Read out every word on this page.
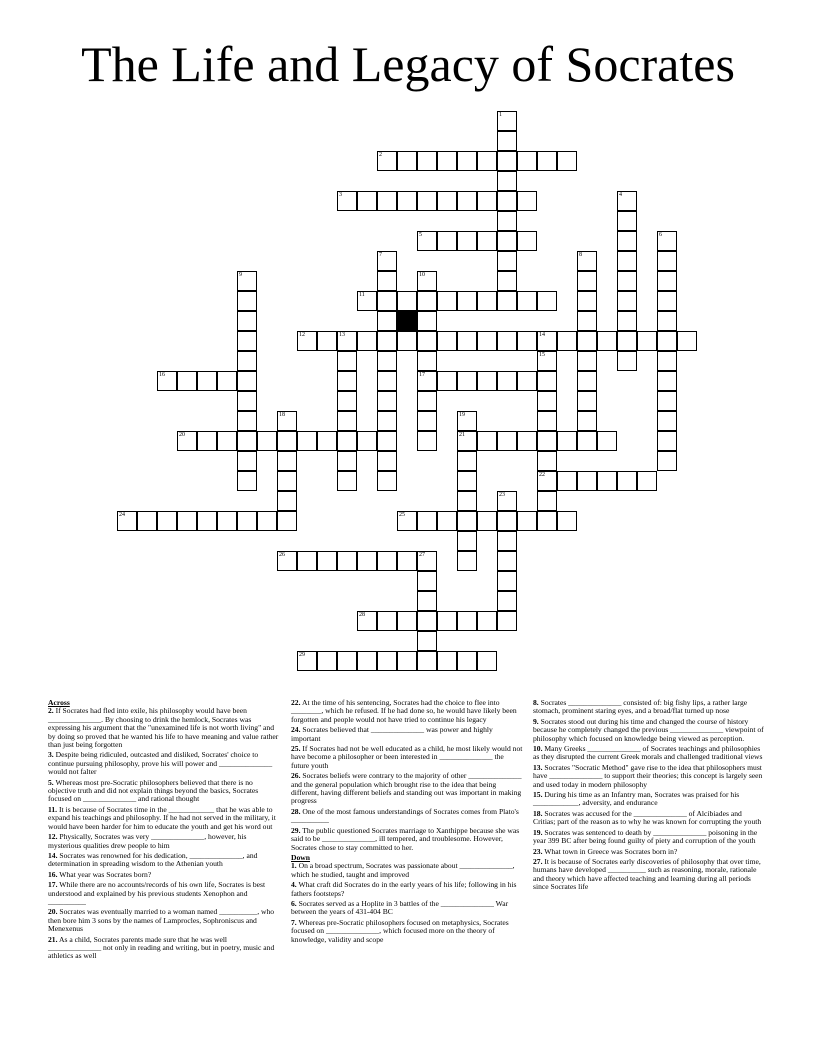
The Life and Legacy of Socrates
1
2
3
5
4
6
7	8
9	10
17
11
12	13	14
15
22
16
18	19
21
20
23
24	25
26	27
28
29
Across
2. If Socrates had fled into exile, his philosophy would have been ______________. By choosing to drink the hemlock, Socrates was expressing his argument that the "unexamined life is not worth living" and by doing so proved that he wanted his life to have meaning and value rather than just being forgotten
3. Despite being ridiculed, outcasted and disliked, Socrates' choice to continue pursuing philosophy, prove his will power and ______________ would not falter
5. Whereas most pre-Socratic philosophers believed that there is no objective truth and did not explain things beyond the basics, Socrates focused on ______________ and rational thought
11. It is because of Socrates time in the ____________ that he was able to expand his teachings and philosophy. If he had not served in the military, it would have been harder for him to educate the youth and get his word out
12. Physically, Socrates was very ______________, however, his mysterious qualities drew people to him
14. Socrates was renowned for his dedication, ______________, and determination in spreading wisdom to the Athenian youth
16. What year was Socrates born?
17. While there are no accounts/records of his own life, Socrates is best understood and explained by his previous students Xenophon and __________
20. Socrates was eventually married to a woman named __________, who then bore him 3 sons by the names of Lamprocles, Sophroniscus and Menexenus
21. As a child, Socrates parents made sure that he was well ______________ not only in reading and writing, but in poetry, music and athletics as well
22. At the time of his sentencing, Socrates had the choice to flee into ________, which he refused. If he had done so, he would have likely been forgotten and people would not have tried to continue his legacy
24. Socrates believed that ______________ was power and highly important
25. If Socrates had not be well educated as a child, he most likely would not have become a philosopher or been interested in ______________ the future youth
26. Socrates beliefs were contrary to the majority of other ______________ and the general population which brought rise to the idea that being different, having different beliefs and standing out was important in making progress
28. One of the most famous understandings of Socrates comes from Plato's __________
29. The public questioned Socrates marriage to Xanthippe because she was said to be ______________, ill tempered, and troublesome. However, Socrates chose to stay committed to her.
Down
1. On a broad spectrum, Socrates was passionate about ______________, which he studied, taught and improved
4. What craft did Socrates do in the early years of his life; following in his fathers footsteps?
6. Socrates served as a Hoplite in 3 battles of the ______________ War between the years of 431-404 BC
7. Whereas pre-Socratic philosophers focused on metaphysics, Socrates focused on ______________, which focused more on the theory of knowledge, validity and scope
8. Socrates ______________ consisted of: big fishy lips, a rather large stomach, prominent staring eyes, and a broad/flat turned up nose
9. Socrates stood out during his time and changed the course of history because he completely changed the previous ______________ viewpoint of philosophy which focused on knowledge being viewed as perception.
10. Many Greeks ______________ of Socrates teachings and philosophies as they disrupted the current Greek morals and challenged traditional views
13. Socrates "Socratic Method" gave rise to the idea that philosophers must have ______________ to support their theories; this concept is largely seen and used today in modern philosophy
15. During his time as an Infantry man, Socrates was praised for his ____________, adversity, and endurance
18. Socrates was accused for the ______________ of Alcibiades and Critias; part of the reason as to why he was known for corrupting the youth
19. Socrates was sentenced to death by ______________ poisoning in the year 399 BC after being found guilty of piety and corruption of the youth
23. What town in Greece was Socrates born in?
27. It is because of Socrates early discoveries of philosophy that over time, humans have developed __________ such as reasoning, morale, rationale and theory which have affected teaching and learning during all periods since Socrates life
